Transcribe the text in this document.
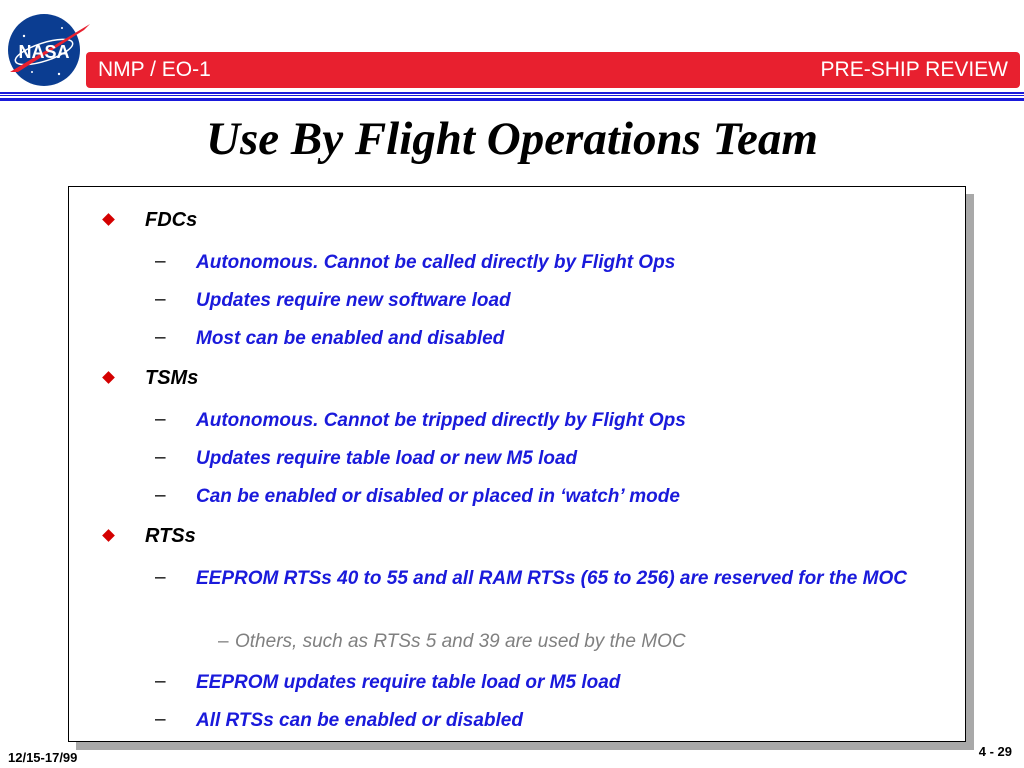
NASA
NMP / EO-1	PRE-SHIP REVIEW
Use By Flight Operations Team
FDCs
– Autonomous. Cannot be called directly by Flight Ops
– Updates require new software load
– Most can be enabled and disabled
TSMs
– Autonomous. Cannot be tripped directly by Flight Ops
– Updates require table load or new M5 load
– Can be enabled or disabled or placed in ‘watch’ mode
RTSs
– EEPROM RTSs 40 to 55 and all RAM RTSs (65 to 256) are reserved for the MOC
– Others, such as RTSs 5 and 39 are used by the MOC
– EEPROM updates require table load or M5 load
– All RTSs can be enabled or disabled
12/15-17/99	4 - 29
